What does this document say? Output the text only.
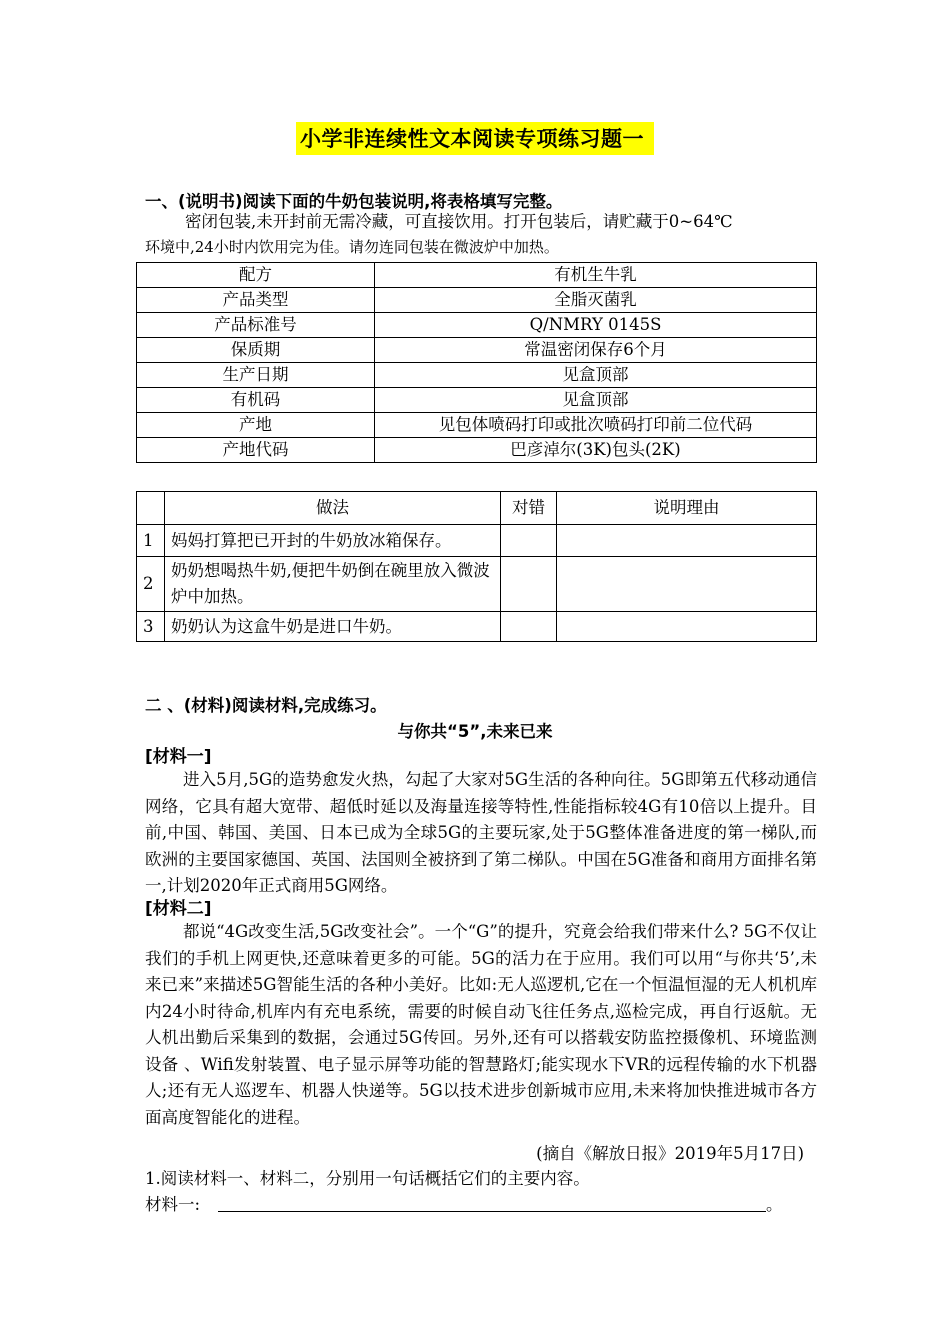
小学非连续性文本阅读专项练习题一
一、(说明书)阅读下面的牛奶包装说明,将表格填写完整。
密闭包装,未开封前无需冷藏，可直接饮用。打开包装后，请贮藏于0~64℃
环境中,24小时内饮用完为佳。请勿连同包装在微波炉中加热。
配方	有机生牛乳
产品类型	全脂灭菌乳
产品标准号	Q/NMRY 0145S
保质期	常温密闭保存6个月
生产日期	见盒顶部
有机码	见盒顶部
产地	见包体喷码打印或批次喷码打印前二位代码
产地代码	巴彦淖尔(3K)包头(2K)
	做法	对错	说明理由
1	妈妈打算把已开封的牛奶放冰箱保存。		
2	奶奶想喝热牛奶,便把牛奶倒在碗里放入微波炉中加热。		
3	奶奶认为这盒牛奶是进口牛奶。		
二 、(材料)阅读材料,完成练习。
与你共“5”,未来已来
[材料一]
进入5月,5G的造势愈发火热，勾起了大家对5G生活的各种向往。5G即第五代移动通信网络，它具有超大宽带、超低时延以及海量连接等特性,性能指标较4G有10倍以上提升。目前,中国、韩国、美国、日本已成为全球5G的主要玩家,处于5G整体准备进度的第一梯队,而欧洲的主要国家德国、英国、法国则全被挤到了第二梯队。中国在5G准备和商用方面排名第一,计划2020年正式商用5G网络。
[材料二]
都说“4G改变生活,5G改变社会”。一个“G”的提升，究竟会给我们带来什么? 5G不仅让我们的手机上网更快,还意味着更多的可能。5G的活力在于应用。我们可以用“与你共‘5’,未来已来”来描述5G智能生活的各种小美好。比如:无人巡逻机,它在一个恒温恒湿的无人机机库内24小时待命,机库内有充电系统，需要的时候自动飞往任务点,巡检完成，再自行返航。无人机出勤后采集到的数据，会通过5G传回。另外,还有可以搭载安防监控摄像机、环境监测设备 、Wifi发射装置、电子显示屏等功能的智慧路灯;能实现水下VR的远程传输的水下机器人;还有无人巡逻车、机器人快递等。5G以技术进步创新城市应用,未来将加快推进城市各方面高度智能化的进程。
(摘自《解放日报》2019年5月17日)
1.阅读材料一、材料二，分别用一句话概括它们的主要内容。
材料一:	。
